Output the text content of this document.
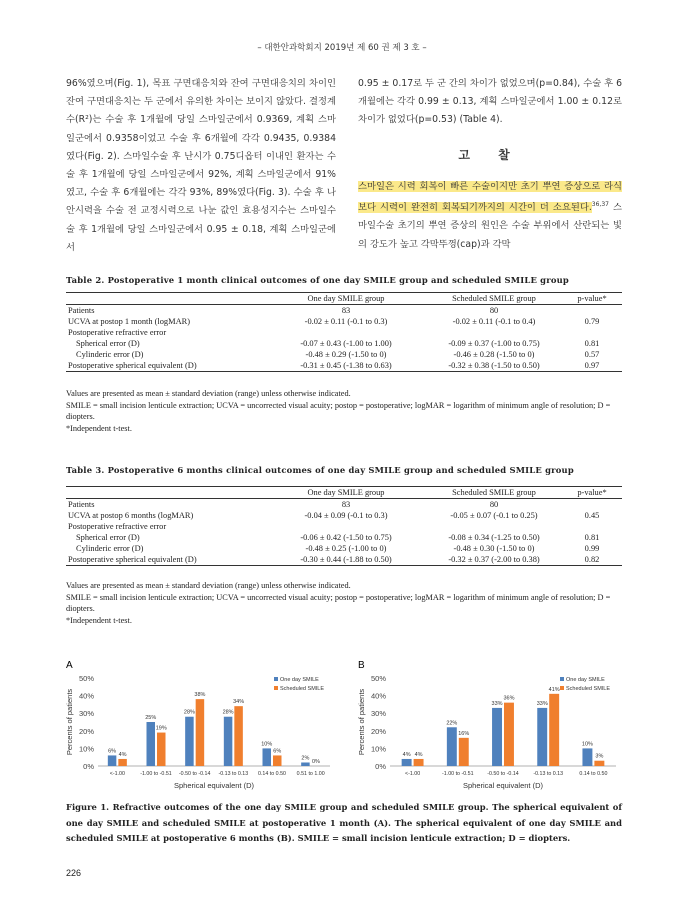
– 대한안과학회지 2019년 제 60 권 제 3 호 –

96%였으며(Fig. 1), 목표 구면대응치와 잔여 구면대응치의 차이인 잔여 구면대응치는 두 군에서 유의한 차이는 보이지 않았다. 결정계수(R²)는 수술 후 1개월에 당일 스마일군에서 0.9369, 계획 스마일군에서 0.9358이었고 수술 후 6개월에 각각 0.9435, 0.9384였다(Fig. 2). 스마일수술 후 난시가 0.75디옵터 이내인 환자는 수술 후 1개월에 당일 스마일군에서 92%, 계획 스마일군에서 91%였고, 수술 후 6개월에는 각각 93%, 89%였다(Fig. 3). 수술 후 나안시력을 수술 전 교정시력으로 나눈 값인 효용성지수는 스마일수술 후 1개월에 당일 스마일군에서 0.95 ± 0.18, 계획 스마일군에서

0.95 ± 0.17로 두 군 간의 차이가 없었으며(p=0.84), 수술 후 6개월에는 각각 0.99 ± 0.13, 계획 스마일군에서 1.00 ± 0.12로 차이가 없었다(p=0.53) (Table 4).

고 찰

스마일은 시력 회복이 빠른 수술이지만 초기 뿌연 증상으로 라식보다 시력이 완전히 회복되기까지의 시간이 더 소요된다.$^{36,37}$ 스마일수술 초기의 뿌연 증상의 원인은 수술 부위에서 산란되는 빛의 강도가 높고 각막뚜껑(cap)과 각막

Table 2. Postoperative 1 month clinical outcomes of one day SMILE group and scheduled SMILE group
	One day SMILE group	Scheduled SMILE group	p-value*
Patients	83	80	
UCVA at postop 1 month (logMAR)	-0.02 ± 0.11 (-0.1 to 0.3)	-0.02 ± 0.11 (-0.1 to 0.4)	0.79
Postoperative refractive error			
Spherical error (D)	-0.07 ± 0.43 (-1.00 to 1.00)	-0.09 ± 0.37 (-1.00 to 0.75)	0.81
Cylinderic error (D)	-0.48 ± 0.29 (-1.50 to 0)	-0.46 ± 0.28 (-1.50 to 0)	0.57
Postoperative spherical equivalent (D)	-0.31 ± 0.45 (-1.38 to 0.63)	-0.32 ± 0.38 (-1.50 to 0.50)	0.97

Values are presented as mean ± standard deviation (range) unless otherwise indicated.

SMILE = small incision lenticule extraction; UCVA = uncorrected visual acuity; postop = postoperative; logMAR = logarithm of minimum angle of resolution; D = diopters.

*Independent t-test.

Table 3. Postoperative 6 months clinical outcomes of one day SMILE group and scheduled SMILE group
	One day SMILE group	Scheduled SMILE group	p-value*
Patients	83	80	
UCVA at postop 6 months (logMAR)	-0.04 ± 0.09 (-0.1 to 0.3)	-0.05 ± 0.07 (-0.1 to 0.25)	0.45
Postoperative refractive error			
Spherical error (D)	-0.06 ± 0.42 (-1.50 to 0.75)	-0.08 ± 0.34 (-1.25 to 0.50)	0.81
Cylinderic error (D)	-0.48 ± 0.25 (-1.00 to 0)	-0.48 ± 0.30 (-1.50 to 0)	0.99
Postoperative spherical equivalent (D)	-0.30 ± 0.44 (-1.88 to 0.50)	-0.32 ± 0.37 (-2.00 to 0.38)	0.82

Values are presented as mean ± standard deviation (range) unless otherwise indicated.

SMILE = small incision lenticule extraction; UCVA = uncorrected visual acuity; postop = postoperative; logMAR = logarithm of minimum angle of resolution; D = diopters.

*Independent t-test.

A
0%
10%
20%
30%
40%
50%
Percents of patients	6%
4%
<-1.00
25%
19%
-1.00 to -0.51
28%
38%
-0.50 to -0.14
28%
34%
-0.13 to 0.13
10%
6%
0.14 to 0.50
2%
0%
0.51 to 1.00
Spherical equivalent (D)
One day SMILE
Scheduled SMILE
B
0%
10%
20%
30%
40%
50%
Percents of patients	4% 4%
<-1.00
22%
16%
-1.00 to -0.51
33%
36%
-0.50 to -0.14
33%
41%
-0.13 to 0.13
10%
3%
0.14 to 0.50
Spherical equivalent (D)
One day SMILE
Scheduled SMILE
Figure 1. Refractive outcomes of the one day SMILE group and scheduled SMILE group. The spherical equivalent of one day SMILE and scheduled SMILE at postoperative 1 month (A). The spherical equivalent of one day SMILE and scheduled SMILE at postoperative 6 months (B). SMILE = small incision lenticule extraction; D = diopters.
226
